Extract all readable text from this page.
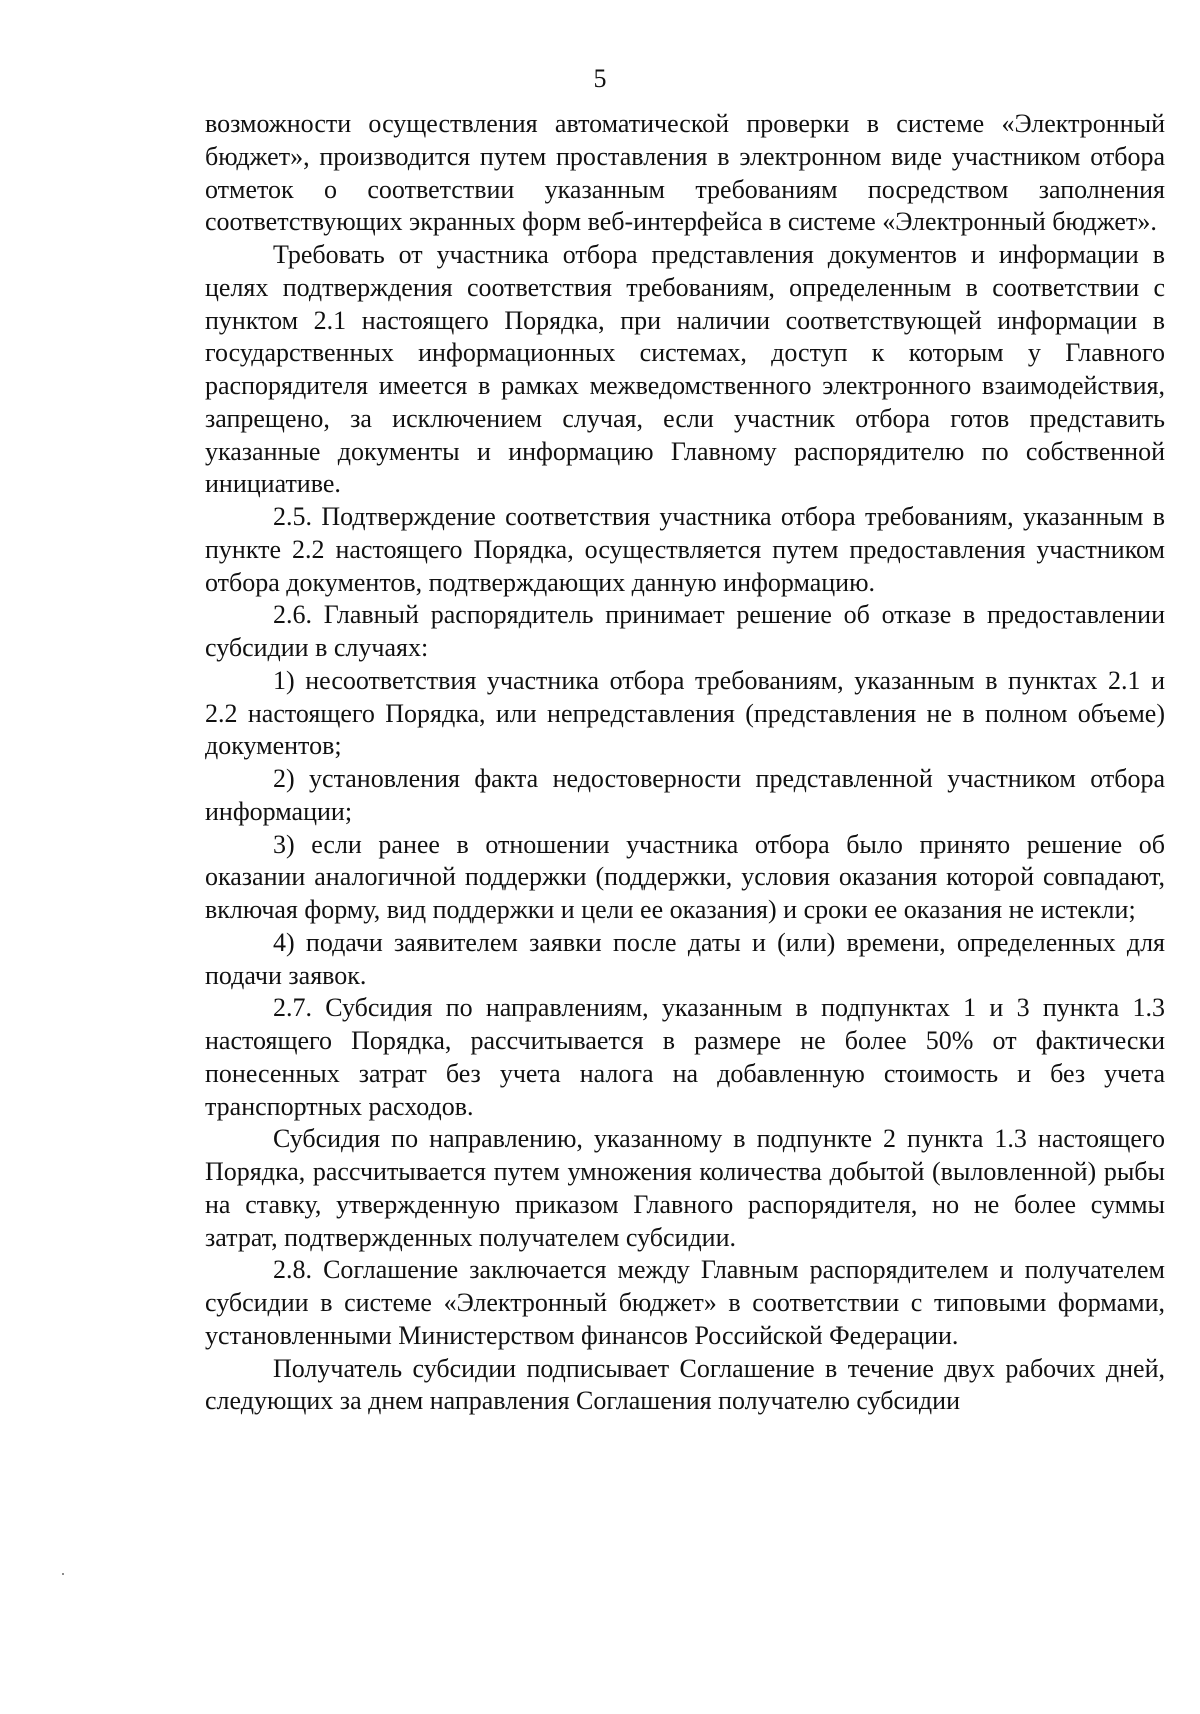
5

возможности осуществления автоматической проверки в системе «Электронный бюджет», производится путем проставления в электронном виде участником отбора отметок о соответствии указанным требованиям посредством заполнения соответствующих экранных форм веб-интерфейса в системе «Электронный бюджет».

Требовать от участника отбора представления документов и информации в целях подтверждения соответствия требованиям, определенным в соответствии с пунктом 2.1 настоящего Порядка, при наличии соответствующей информации в государственных информационных системах, доступ к которым у Главного распорядителя имеется в рамках межведомственного электронного взаимодействия, запрещено, за исключением случая, если участник отбора готов представить указанные документы и информацию Главному распорядителю по собственной инициативе.

2.5. Подтверждение соответствия участника отбора требованиям, указанным в пункте 2.2 настоящего Порядка, осуществляется путем предоставления участником отбора документов, подтверждающих данную информацию.

2.6. Главный распорядитель принимает решение об отказе в предоставлении субсидии в случаях:

1) несоответствия участника отбора требованиям, указанным в пунктах 2.1 и 2.2 настоящего Порядка, или непредставления (представления не в полном объеме) документов;

2) установления факта недостоверности представленной участником отбора информации;

3) если ранее в отношении участника отбора было принято решение об оказании аналогичной поддержки (поддержки, условия оказания которой совпадают, включая форму, вид поддержки и цели ее оказания) и сроки ее оказания не истекли;

4) подачи заявителем заявки после даты и (или) времени, определенных для подачи заявок.

2.7. Субсидия по направлениям, указанным в подпунктах 1 и 3 пункта 1.3 настоящего Порядка, рассчитывается в размере не более 50% от фактически понесенных затрат без учета налога на добавленную стоимость и без учета транспортных расходов.

Субсидия по направлению, указанному в подпункте 2 пункта 1.3 настоящего Порядка, рассчитывается путем умножения количества добытой (выловленной) рыбы на ставку, утвержденную приказом Главного распорядителя, но не более суммы затрат, подтвержденных получателем субсидии.

2.8. Соглашение заключается между Главным распорядителем и получателем субсидии в системе «Электронный бюджет» в соответствии с типовыми формами, установленными Министерством финансов Российской Федерации.

Получатель субсидии подписывает Соглашение в течение двух рабочих дней, следующих за днем направления Соглашения получателю субсидии
